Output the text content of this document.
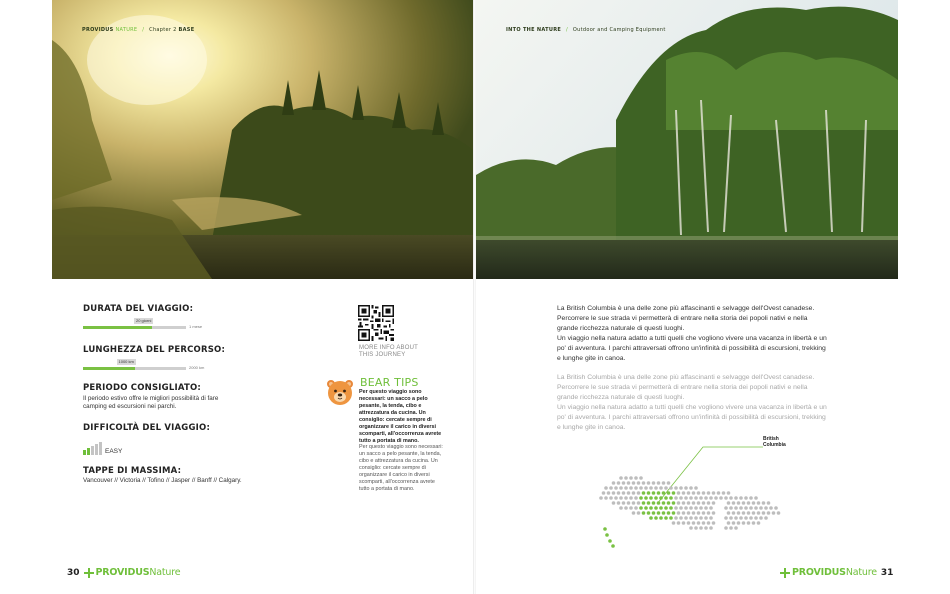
PROVIDUS NATURE / Chapter 2 BASE	INTO THE NATURE / Outdoor and Camping Equipment
DURATA DEL VIAGGIO:
20 giorni
1 mese
LUNGHEZZA DEL PERCORSO:
1000 km
2000 km
PERIODO CONSIGLIATO:
Il periodo estivo offre le migliori possibilità di fare camping ed escursioni nei parchi.
DIFFICOLTÀ DEL VIAGGIO:
EASY
TAPPE DI MASSIMA:
Vancouver // Victoria // Tofino // Jasper // Banff // Calgary.
MORE INFO ABOUT
THIS JOURNEY
BEAR TIPS
Per questo viaggio sono necessari: un sacco a pelo pesante, la tenda, cibo e attrezzatura da cucina. Un consiglio: cercate sempre di organizzare il carico in diversi scomparti, all'occorrenza avrete tutto a portata di mano.
Per questo viaggio sono necessari: un sacco a pelo pesante, la tenda, cibo e attrezzatura da cucina. Un consiglio: cercate sempre di organizzare il carico in diversi scomparti, all'occorrenza avrete tutto a portata di mano.
La British Columbia è una delle zone più affascinanti e selvagge dell'Ovest canadese. Percorrere le sue strada vi permetterà di entrare nella storia dei popoli nativi e nella grande ricchezza naturale di questi luoghi.
Un viaggio nella natura adatto a tutti quelli che vogliono vivere una vacanza in libertà e un po' di avventura. I parchi attraversati offrono un'infinità di possibilità di escursioni, trekking e lunghe gite in canoa.
La British Columbia è una delle zone più affascinanti e selvagge dell'Ovest canadese. Percorrere le sue strada vi permetterà di entrare nella storia dei popoli nativi e nella grande ricchezza naturale di questi luoghi.
Un viaggio nella natura adatto a tutti quelli che vogliono vivere una vacanza in libertà e un po' di avventura. I parchi attraversati offrono un'infinità di possibilità di escursioni, trekking e lunghe gite in canoa.
British
Columbia
30 PROVIDUSNature	PROVIDUSNature 31
